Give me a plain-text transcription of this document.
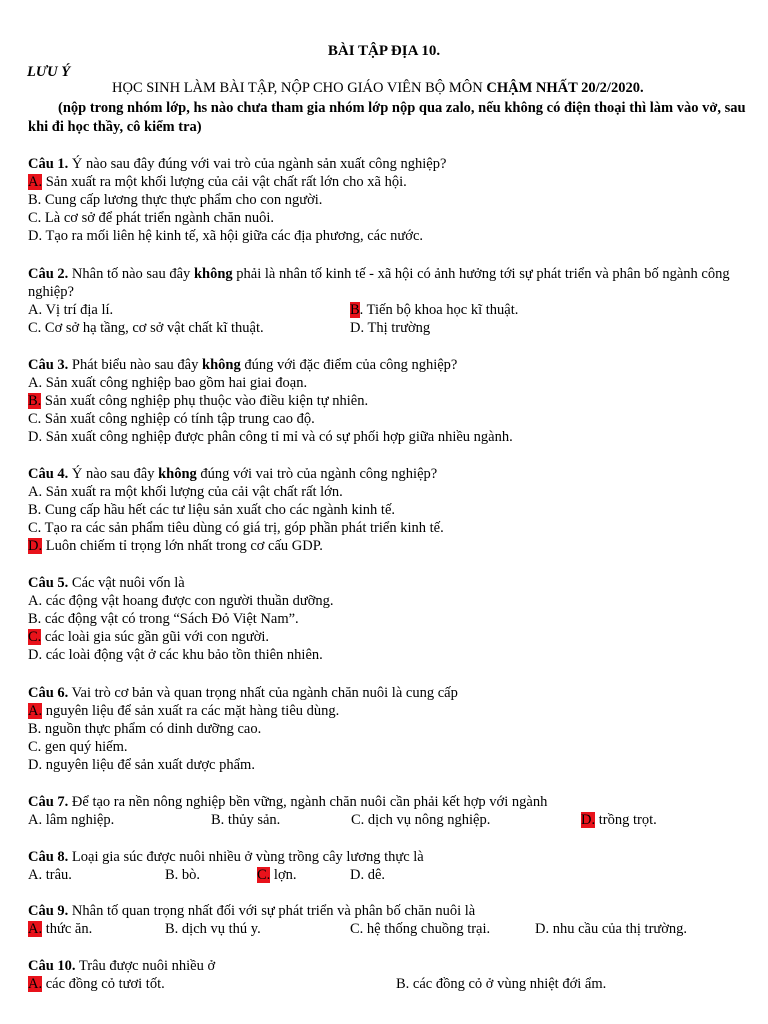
BÀI TẬP ĐỊA 10.
LƯU Ý
HỌC SINH LÀM BÀI TẬP, NỘP CHO GIÁO VIÊN BỘ MÔN CHẬM NHẤT 20/2/2020.
(nộp trong nhóm lớp, hs nào chưa tham gia nhóm lớp nộp qua zalo, nếu không có điện thoại thì làm vào vở, sau khi đi học thầy, cô kiểm tra)
Câu 1. Ý nào sau đây đúng với vai trò của ngành sản xuất công nghiệp?
A. Sản xuất ra một khối lượng của cải vật chất rất lớn cho xã hội.
B. Cung cấp lương thực thực phẩm cho con người.
C. Là cơ sở để phát triển ngành chăn nuôi.
D. Tạo ra mối liên hệ kinh tế, xã hội giữa các địa phương, các nước.
Câu 2. Nhân tố nào sau đây không phải là nhân tố kinh tế - xã hội có ảnh hưởng tới sự phát triển và phân bố ngành công nghiệp?
A. Vị trí địa lí.	B. Tiến bộ khoa học kĩ thuật.
C. Cơ sở hạ tầng, cơ sở vật chất kĩ thuật.	D. Thị trường
Câu 3. Phát biểu nào sau đây không đúng với đặc điểm của công nghiệp?
A. Sản xuất công nghiệp bao gồm hai giai đoạn.
B. Sản xuất công nghiệp phụ thuộc vào điều kiện tự nhiên.
C. Sản xuất công nghiệp có tính tập trung cao độ.
D. Sản xuất công nghiệp được phân công tỉ mỉ và có sự phối hợp giữa nhiều ngành.
Câu 4. Ý nào sau đây không đúng với vai trò của ngành công nghiệp?
A. Sản xuất ra một khối lượng của cải vật chất rất lớn.
B. Cung cấp hầu hết các tư liệu sản xuất cho các ngành kinh tế.
C. Tạo ra các sản phẩm tiêu dùng có giá trị, góp phần phát triển kinh tế.
D. Luôn chiếm tỉ trọng lớn nhất trong cơ cấu GDP.
Câu 5. Các vật nuôi vốn là
A. các động vật hoang được con người thuần dưỡng.
B. các động vật có trong “Sách Đỏ Việt Nam”.
C. các loài gia súc gần gũi với con người.
D. các loài động vật ở các khu bảo tồn thiên nhiên.
Câu 6. Vai trò cơ bản và quan trọng nhất của ngành chăn nuôi là cung cấp
A. nguyên liệu để sản xuất ra các mặt hàng tiêu dùng.
B. nguồn thực phẩm có dinh dưỡng cao.
C. gen quý hiếm.
D. nguyên liệu để sản xuất dược phẩm.
Câu 7. Để tạo ra nền nông nghiệp bền vững, ngành chăn nuôi cần phải kết hợp với ngành
A. lâm nghiệp.	B. thủy sản.	C. dịch vụ nông nghiệp.	D. trồng trọt.
Câu 8. Loại gia súc được nuôi nhiều ở vùng trồng cây lương thực là
A. trâu.	B. bò.	C. lợn.	D. dê.
Câu 9. Nhân tố quan trọng nhất đối với sự phát triển và phân bố chăn nuôi là
A. thức ăn.	B. dịch vụ thú y.	C. hệ thống chuồng trại.	D. nhu cầu của thị trường.
Câu 10. Trâu được nuôi nhiều ở
A. các đồng cỏ tươi tốt.	B. các đồng cỏ ở vùng nhiệt đới ẩm.
